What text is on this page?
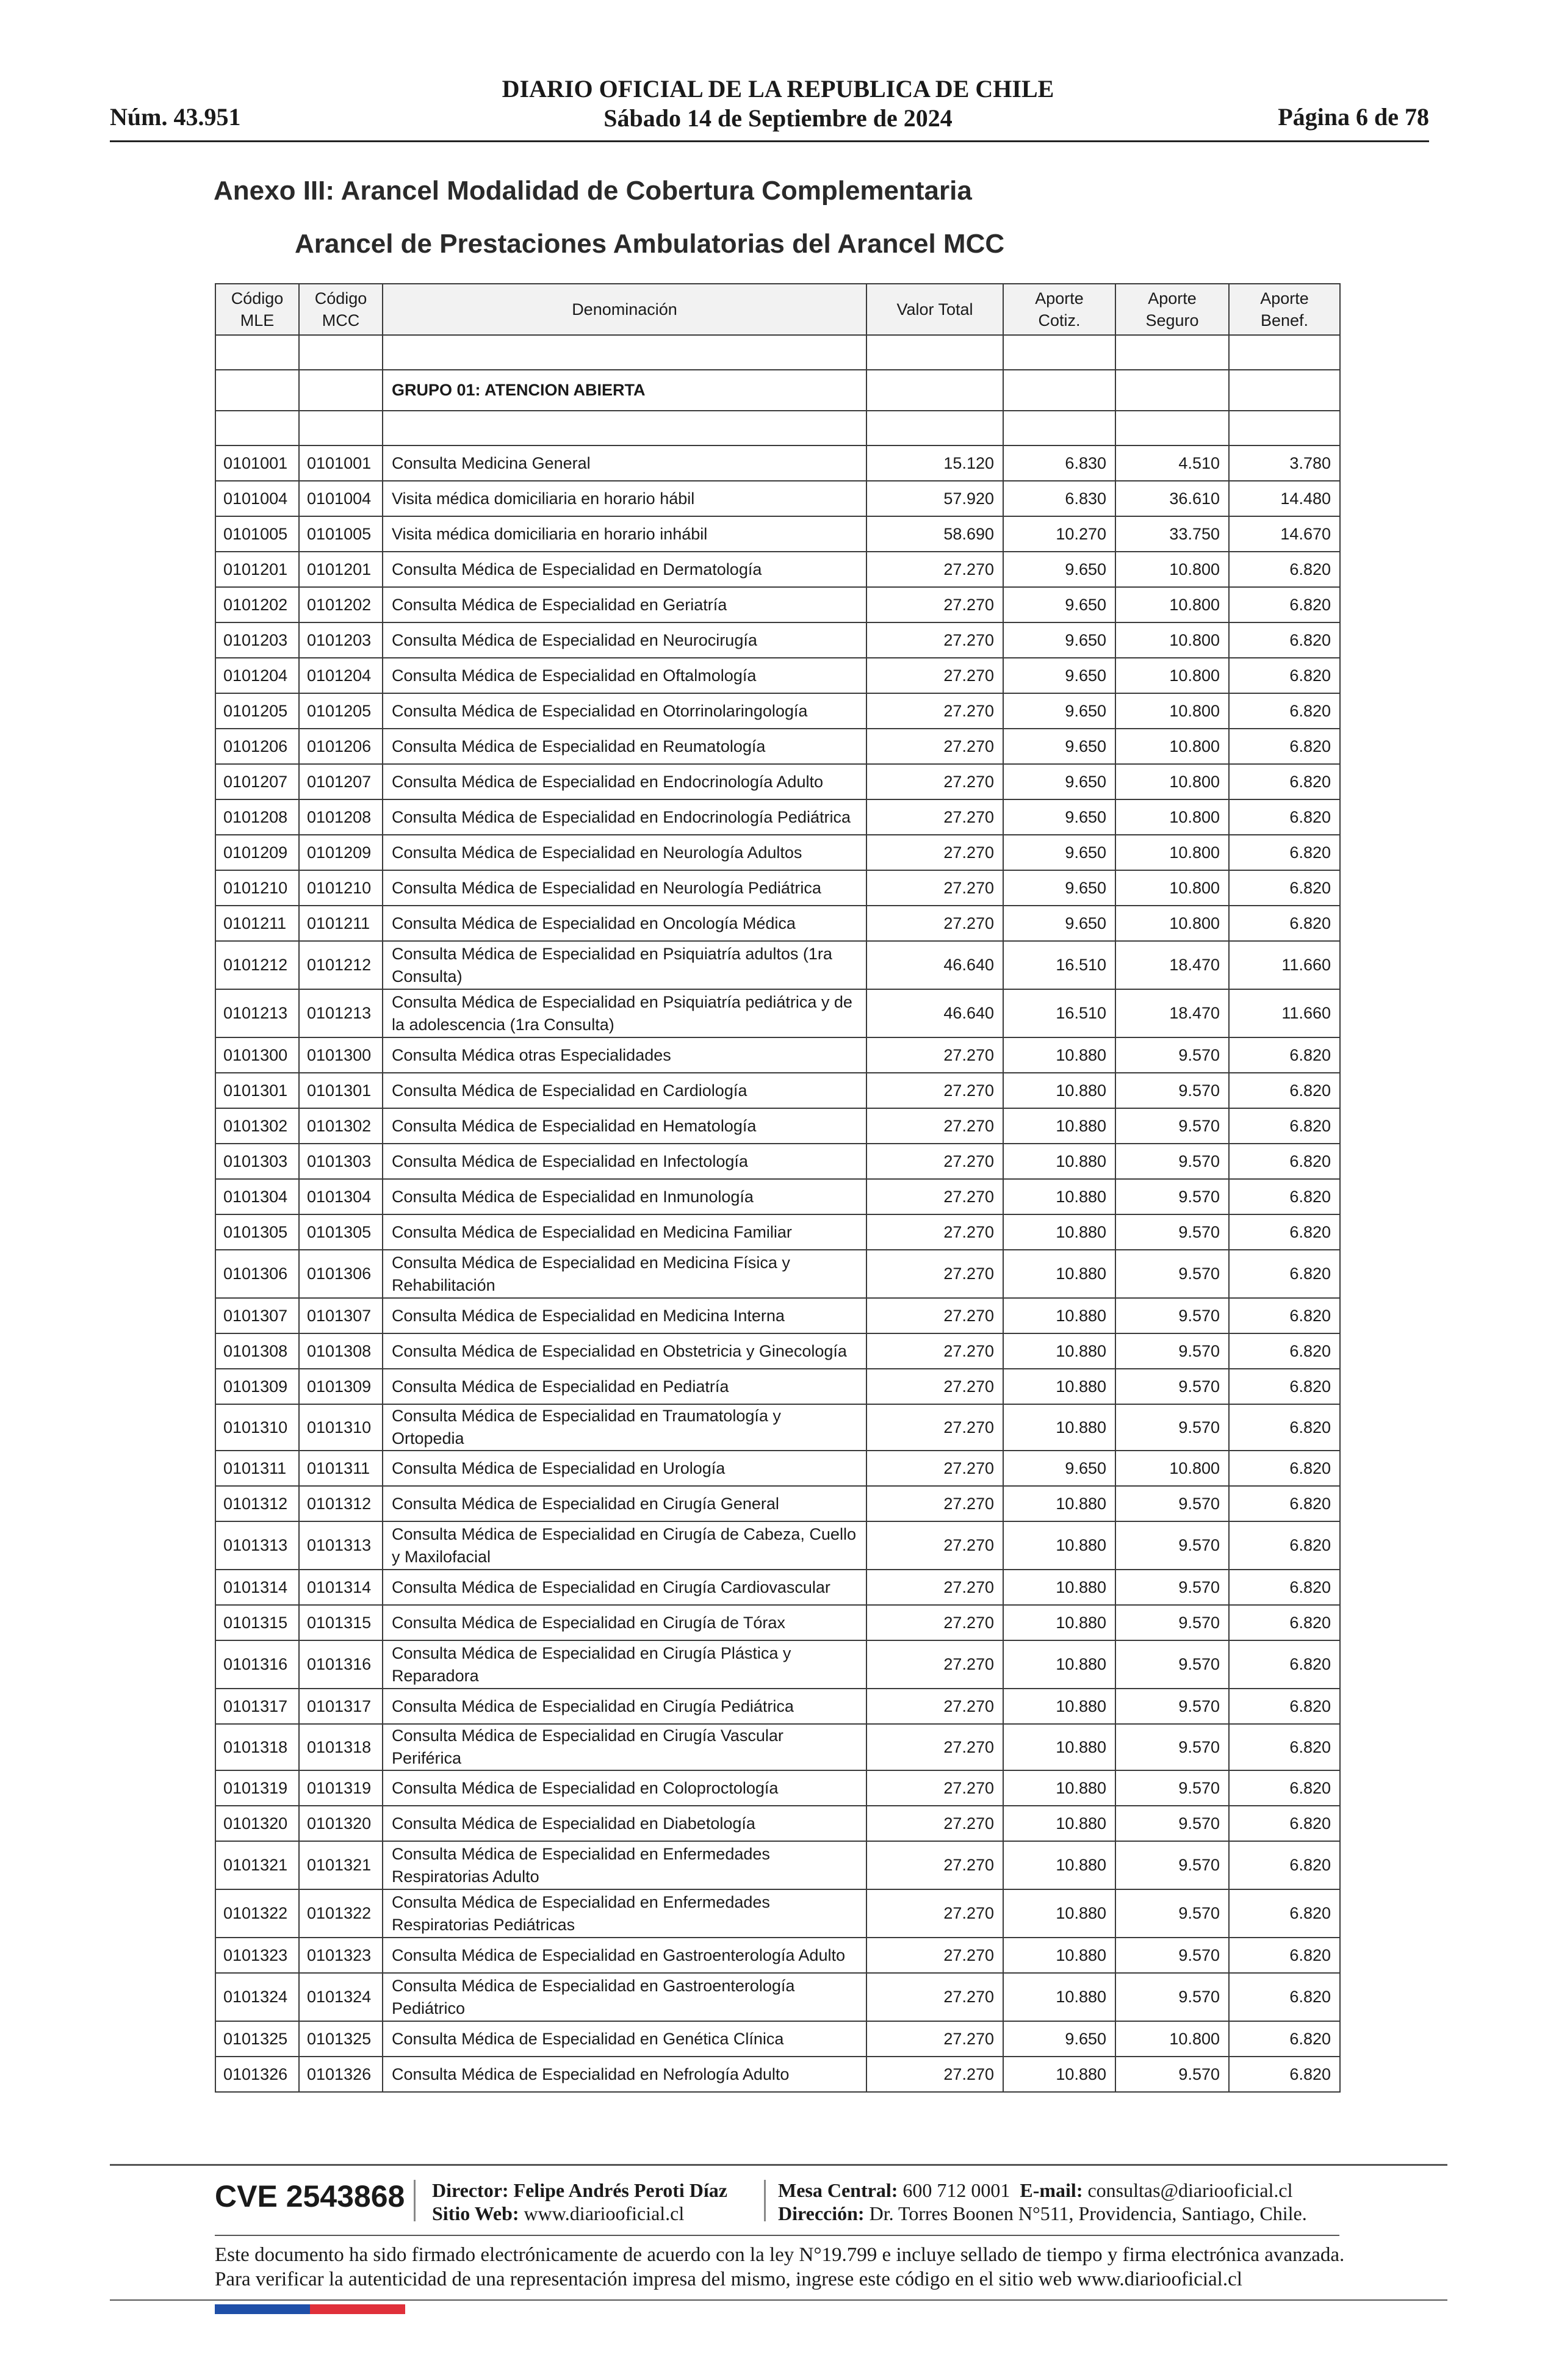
Núm. 43.951
DIARIO OFICIAL DE LA REPUBLICA DE CHILE
Sábado 14 de Septiembre de 2024	Página 6 de 78
Anexo III: Arancel Modalidad de Cobertura Complementaria
Arancel de Prestaciones Ambulatorias del Arancel MCC
Código MLE	Código MCC	Denominación	Valor Total	Aporte Cotiz.	Aporte Seguro	Aporte Benef.

		GRUPO 01: ATENCION ABIERTA				

0101001	0101001	Consulta Medicina General	15.120	6.830	4.510	3.780
0101004	0101004	Visita médica domiciliaria en horario hábil	57.920	6.830	36.610	14.480
0101005	0101005	Visita médica domiciliaria en horario inhábil	58.690	10.270	33.750	14.670
0101201	0101201	Consulta Médica de Especialidad en Dermatología	27.270	9.650	10.800	6.820
0101202	0101202	Consulta Médica de Especialidad en Geriatría	27.270	9.650	10.800	6.820
0101203	0101203	Consulta Médica de Especialidad en Neurocirugía	27.270	9.650	10.800	6.820
0101204	0101204	Consulta Médica de Especialidad en Oftalmología	27.270	9.650	10.800	6.820
0101205	0101205	Consulta Médica de Especialidad en Otorrinolaringología	27.270	9.650	10.800	6.820
0101206	0101206	Consulta Médica de Especialidad en Reumatología	27.270	9.650	10.800	6.820
0101207	0101207	Consulta Médica de Especialidad en Endocrinología Adulto	27.270	9.650	10.800	6.820
0101208	0101208	Consulta Médica de Especialidad en Endocrinología Pediátrica	27.270	9.650	10.800	6.820
0101209	0101209	Consulta Médica de Especialidad en Neurología Adultos	27.270	9.650	10.800	6.820
0101210	0101210	Consulta Médica de Especialidad en Neurología Pediátrica	27.270	9.650	10.800	6.820
0101211	0101211	Consulta Médica de Especialidad en Oncología Médica	27.270	9.650	10.800	6.820
0101212	0101212	Consulta Médica de Especialidad en Psiquiatría adultos (1ra Consulta)	46.640	16.510	18.470	11.660
0101213	0101213	Consulta Médica de Especialidad en Psiquiatría pediátrica y de la adolescencia (1ra Consulta)	46.640	16.510	18.470	11.660
0101300	0101300	Consulta Médica otras Especialidades	27.270	10.880	9.570	6.820
0101301	0101301	Consulta Médica de Especialidad en Cardiología	27.270	10.880	9.570	6.820
0101302	0101302	Consulta Médica de Especialidad en Hematología	27.270	10.880	9.570	6.820
0101303	0101303	Consulta Médica de Especialidad en Infectología	27.270	10.880	9.570	6.820
0101304	0101304	Consulta Médica de Especialidad en Inmunología	27.270	10.880	9.570	6.820
0101305	0101305	Consulta Médica de Especialidad en Medicina Familiar	27.270	10.880	9.570	6.820
0101306	0101306	Consulta Médica de Especialidad en Medicina Física y Rehabilitación	27.270	10.880	9.570	6.820
0101307	0101307	Consulta Médica de Especialidad en Medicina Interna	27.270	10.880	9.570	6.820
0101308	0101308	Consulta Médica de Especialidad en Obstetricia y Ginecología	27.270	10.880	9.570	6.820
0101309	0101309	Consulta Médica de Especialidad en Pediatría	27.270	10.880	9.570	6.820
0101310	0101310	Consulta Médica de Especialidad en Traumatología y Ortopedia	27.270	10.880	9.570	6.820
0101311	0101311	Consulta Médica de Especialidad en Urología	27.270	9.650	10.800	6.820
0101312	0101312	Consulta Médica de Especialidad en Cirugía General	27.270	10.880	9.570	6.820
0101313	0101313	Consulta Médica de Especialidad en Cirugía de Cabeza, Cuello y Maxilofacial	27.270	10.880	9.570	6.820
0101314	0101314	Consulta Médica de Especialidad en Cirugía Cardiovascular	27.270	10.880	9.570	6.820
0101315	0101315	Consulta Médica de Especialidad en Cirugía de Tórax	27.270	10.880	9.570	6.820
0101316	0101316	Consulta Médica de Especialidad en Cirugía Plástica y Reparadora	27.270	10.880	9.570	6.820
0101317	0101317	Consulta Médica de Especialidad en Cirugía Pediátrica	27.270	10.880	9.570	6.820
0101318	0101318	Consulta Médica de Especialidad en Cirugía Vascular Periférica	27.270	10.880	9.570	6.820
0101319	0101319	Consulta Médica de Especialidad en Coloproctología	27.270	10.880	9.570	6.820
0101320	0101320	Consulta Médica de Especialidad en Diabetología	27.270	10.880	9.570	6.820
0101321	0101321	Consulta Médica de Especialidad en Enfermedades Respiratorias Adulto	27.270	10.880	9.570	6.820
0101322	0101322	Consulta Médica de Especialidad en Enfermedades Respiratorias Pediátricas	27.270	10.880	9.570	6.820
0101323	0101323	Consulta Médica de Especialidad en Gastroenterología Adulto	27.270	10.880	9.570	6.820
0101324	0101324	Consulta Médica de Especialidad en Gastroenterología Pediátrico	27.270	10.880	9.570	6.820
0101325	0101325	Consulta Médica de Especialidad en Genética Clínica	27.270	9.650	10.800	6.820
0101326	0101326	Consulta Médica de Especialidad en Nefrología Adulto	27.270	10.880	9.570	6.820
CVE 2543868 Director: Felipe Andrés Peroti Díaz
Sitio Web: www.diariooficial.cl
Mesa Central: 600 712 0001 E-mail: consultas@diariooficial.cl
Dirección: Dr. Torres Boonen N°511, Providencia, Santiago, Chile.
Este documento ha sido firmado electrónicamente de acuerdo con la ley N°19.799 e incluye sellado de tiempo y firma electrónica avanzada. Para verificar la autenticidad de una representación impresa del mismo, ingrese este código en el sitio web www.diariooficial.cl
